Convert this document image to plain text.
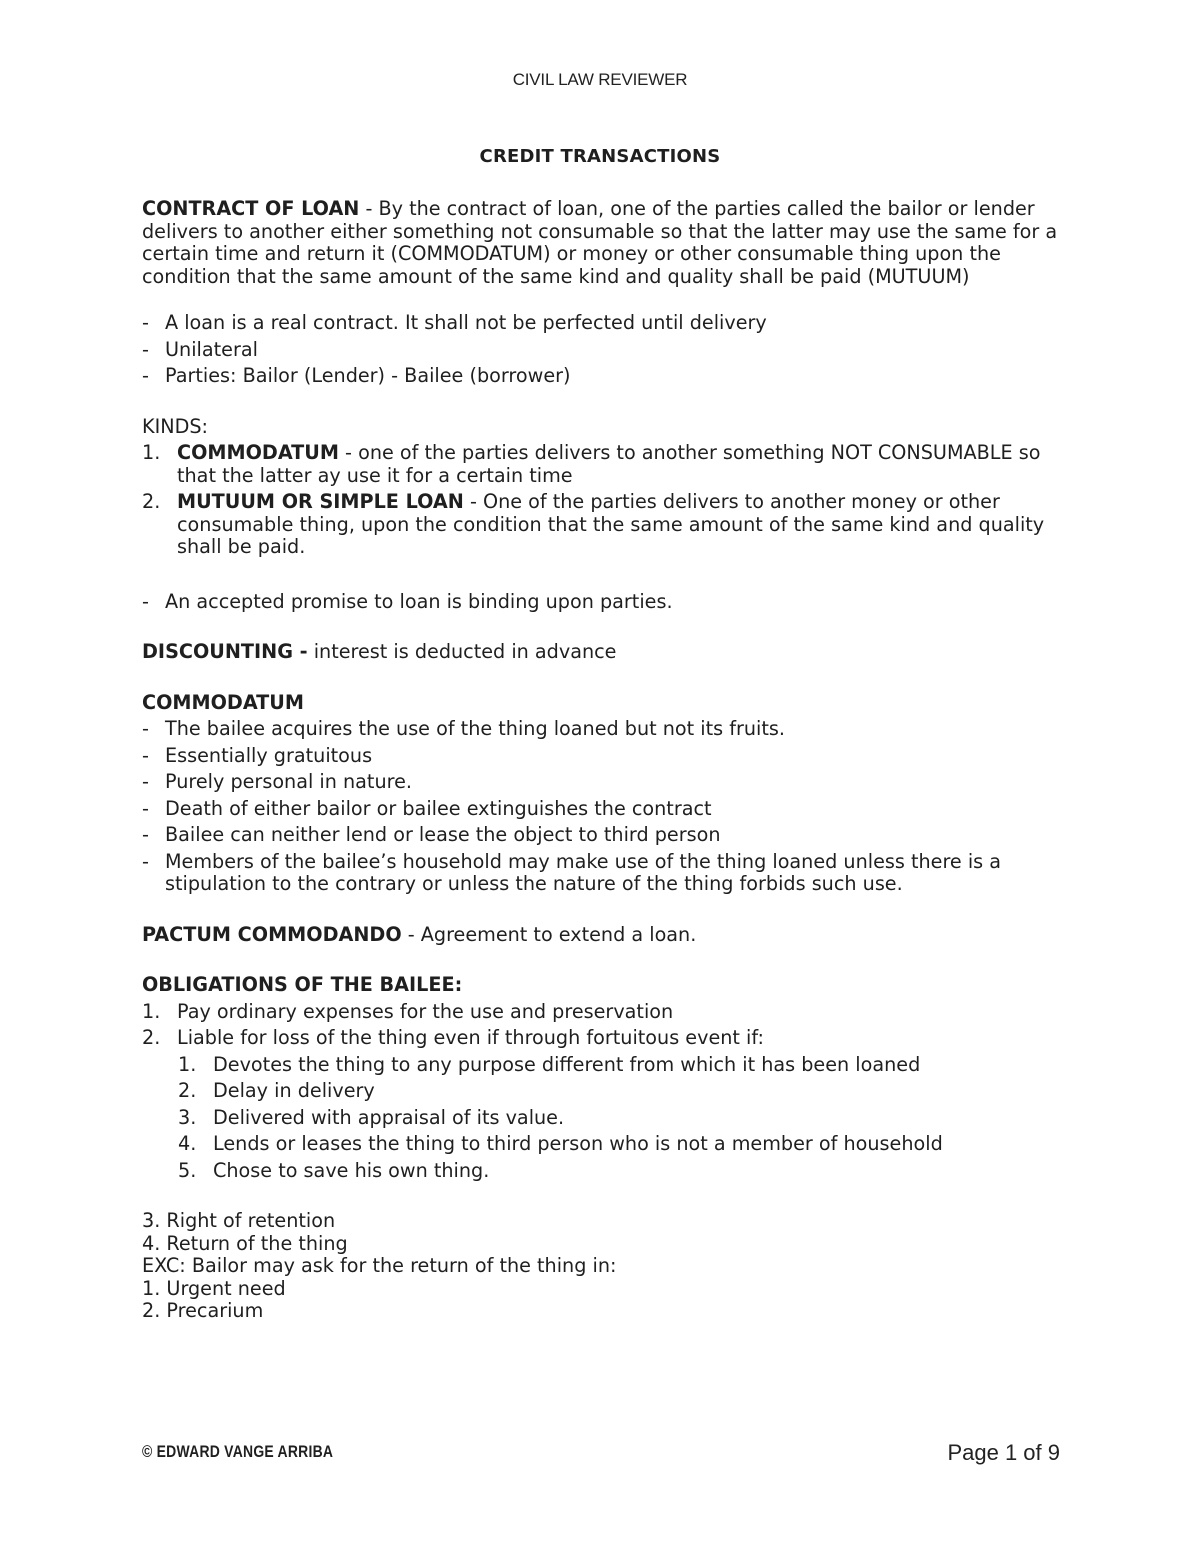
CIVIL LAW REVIEWER
CREDIT TRANSACTIONS

CONTRACT OF LOAN - By the contract of loan, one of the parties called the bailor or lender delivers to another either something not consumable so that the latter may use the same for a certain time and return it (COMMODATUM) or money or other consumable thing upon the condition that the same amount of the same kind and quality shall be paid (MUTUUM)

- A loan is a real contract. It shall not be perfected until delivery
- Unilateral
- Parties: Bailor (Lender) - Bailee (borrower)

KINDS:

1. COMMODATUM - one of the parties delivers to another something NOT CONSUMABLE so that the latter ay use it for a certain time
2. MUTUUM OR SIMPLE LOAN - One of the parties delivers to another money or other consumable thing, upon the condition that the same amount of the same kind and quality shall be paid.
- An accepted promise to loan is binding upon parties.

DISCOUNTING - interest is deducted in advance

COMMODATUM

- The bailee acquires the use of the thing loaned but not its fruits.
- Essentially gratuitous
- Purely personal in nature.
- Death of either bailor or bailee extinguishes the contract
- Bailee can neither lend or lease the object to third person
- Members of the bailee’s household may make use of the thing loaned unless there is a stipulation to the contrary or unless the nature of the thing forbids such use.

PACTUM COMMODANDO - Agreement to extend a loan.

OBLIGATIONS OF THE BAILEE:

1. Pay ordinary expenses for the use and preservation
2. Liable for loss of the thing even if through fortuitous event if:
1. Devotes the thing to any purpose different from which it has been loaned
2. Delay in delivery
3. Delivered with appraisal of its value.
4. Lends or leases the thing to third person who is not a member of household
5. Chose to save his own thing.

3. Right of retention

4. Return of the thing

EXC: Bailor may ask for the return of the thing in:

1. Urgent need

2. Precarium

© EDWARD VANGE ARRIBA	Page 1 of 9
